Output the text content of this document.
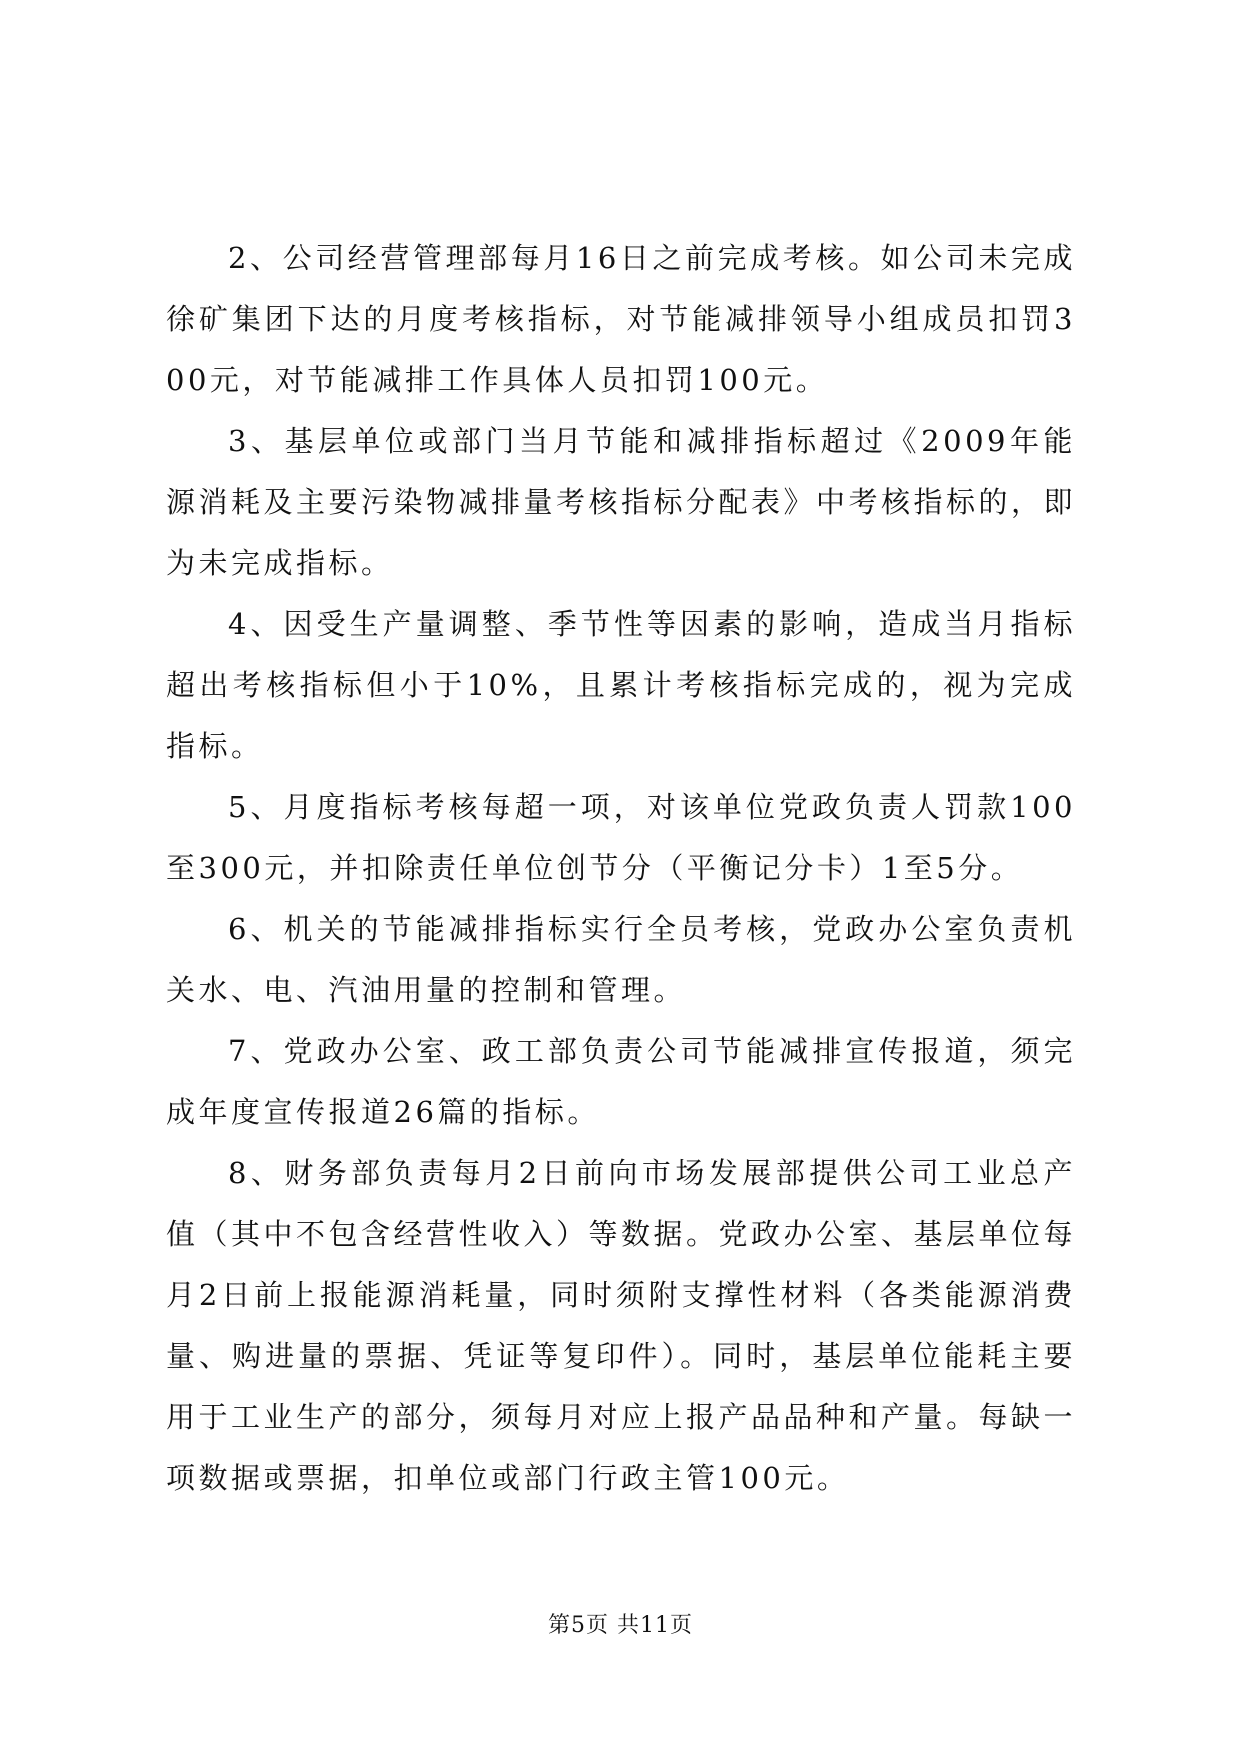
2、公司经营管理部每月16日之前完成考核。如公司未完成徐矿集团下达的月度考核指标，对节能减排领导小组成员扣罚300元，对节能减排工作具体人员扣罚100元。

3、基层单位或部门当月节能和减排指标超过《2009年能源消耗及主要污染物减排量考核指标分配表》中考核指标的，即为未完成指标。

4、因受生产量调整、季节性等因素的影响，造成当月指标超出考核指标但小于10%，且累计考核指标完成的，视为完成指标。

5、月度指标考核每超一项，对该单位党政负责人罚款100至300元，并扣除责任单位创节分（平衡记分卡）1至5分。

6、机关的节能减排指标实行全员考核，党政办公室负责机关水、电、汽油用量的控制和管理。

7、党政办公室、政工部负责公司节能减排宣传报道，须完成年度宣传报道26篇的指标。

8、财务部负责每月2日前向市场发展部提供公司工业总产值（其中不包含经营性收入）等数据。党政办公室、基层单位每月2日前上报能源消耗量，同时须附支撑性材料（各类能源消费量、购进量的票据、凭证等复印件）。同时，基层单位能耗主要用于工业生产的部分，须每月对应上报产品品种和产量。每缺一项数据或票据，扣单位或部门行政主管100元。

第5页 共11页
